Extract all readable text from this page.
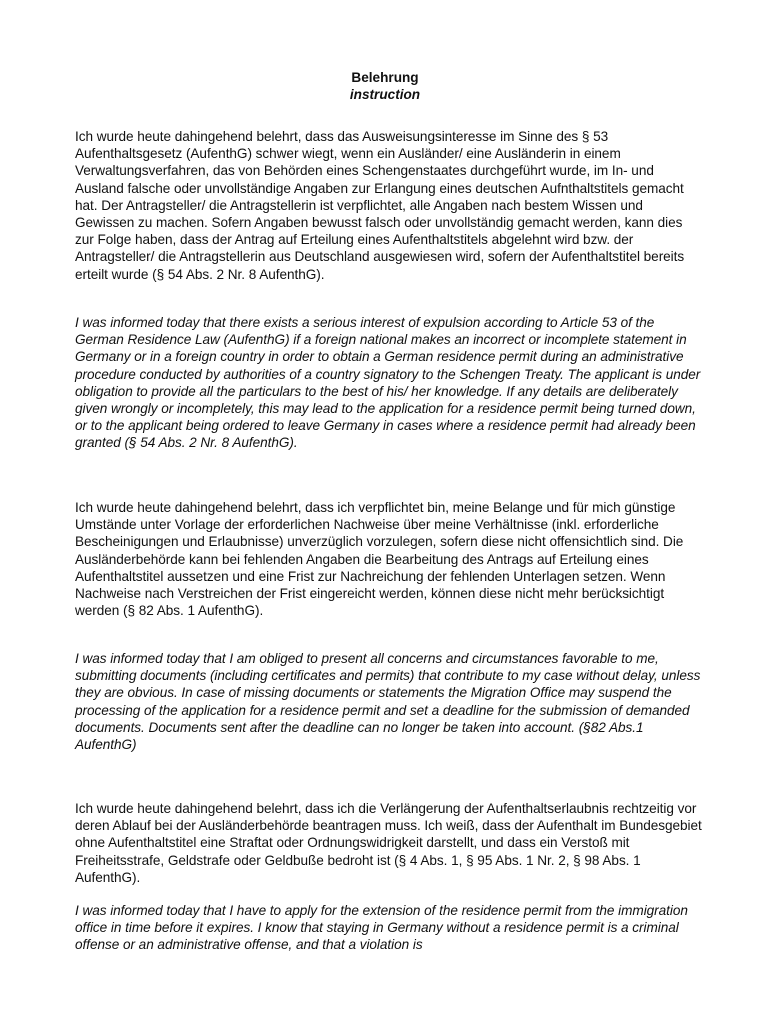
Belehrung
instruction

Ich wurde heute dahingehend belehrt, dass das Ausweisungsinteresse im Sinne des § 53 Aufenthaltsgesetz (AufenthG) schwer wiegt, wenn ein Ausländer/ eine Ausländerin in einem Verwaltungsverfahren, das von Behörden eines Schengenstaates durchgeführt wurde, im In- und Ausland falsche oder unvollständige Angaben zur Erlangung eines deutschen Aufnthaltstitels gemacht hat. Der Antragsteller/ die Antragstellerin ist verpflichtet, alle Angaben nach bestem Wissen und Gewissen zu machen. Sofern Angaben bewusst falsch oder unvollständig gemacht werden, kann dies zur Folge haben, dass der Antrag auf Erteilung eines Aufenthaltstitels abgelehnt wird bzw. der Antragsteller/ die Antragstellerin aus Deutschland ausgewiesen wird, sofern der Aufenthaltstitel bereits erteilt wurde (§ 54 Abs. 2 Nr. 8 AufenthG).

I was informed today that there exists a serious interest of expulsion according to Article 53 of the German Residence Law (AufenthG) if a foreign national makes an incorrect or incomplete statement in Germany or in a foreign country in order to obtain a German residence permit during an administrative procedure conducted by authorities of a country signatory to the Schengen Treaty. The applicant is under obligation to provide all the particulars to the best of his/ her knowledge. If any details are deliberately given wrongly or incompletely, this may lead to the application for a residence permit being turned down, or to the applicant being ordered to leave Germany in cases where a residence permit had already been granted (§ 54 Abs. 2 Nr. 8 AufenthG).

Ich wurde heute dahingehend belehrt, dass ich verpflichtet bin, meine Belange und für mich günstige Umstände unter Vorlage der erforderlichen Nachweise über meine Verhältnisse (inkl. erforderliche Bescheinigungen und Erlaubnisse) unverzüglich vorzulegen, sofern diese nicht offensichtlich sind. Die Ausländerbehörde kann bei fehlenden Angaben die Bearbeitung des Antrags auf Erteilung eines Aufenthaltstitel aussetzen und eine Frist zur Nachreichung der fehlenden Unterlagen setzen. Wenn Nachweise nach Verstreichen der Frist eingereicht werden, können diese nicht mehr berücksichtigt werden (§ 82 Abs. 1 AufenthG).

I was informed today that I am obliged to present all concerns and circumstances favorable to me, submitting documents (including certificates and permits) that contribute to my case without delay, unless they are obvious. In case of missing documents or statements the Migration Office may suspend the processing of the application for a residence permit and set a deadline for the submission of demanded documents. Documents sent after the deadline can no longer be taken into account. (§82 Abs.1 AufenthG)

Ich wurde heute dahingehend belehrt, dass ich die Verlängerung der Aufenthaltserlaubnis rechtzeitig vor deren Ablauf bei der Ausländerbehörde beantragen muss. Ich weiß, dass der Aufenthalt im Bundesgebiet ohne Aufenthaltstitel eine Straftat oder Ordnungswidrigkeit darstellt, und dass ein Verstoß mit Freiheitsstrafe, Geldstrafe oder Geldbuße bedroht ist (§ 4 Abs. 1, § 95 Abs. 1 Nr. 2, § 98 Abs. 1 AufenthG).

I was informed today that I have to apply for the extension of the residence permit from the immigration office in time before it expires. I know that staying in Germany without a residence permit is a criminal offense or an administrative offense, and that a violation is
